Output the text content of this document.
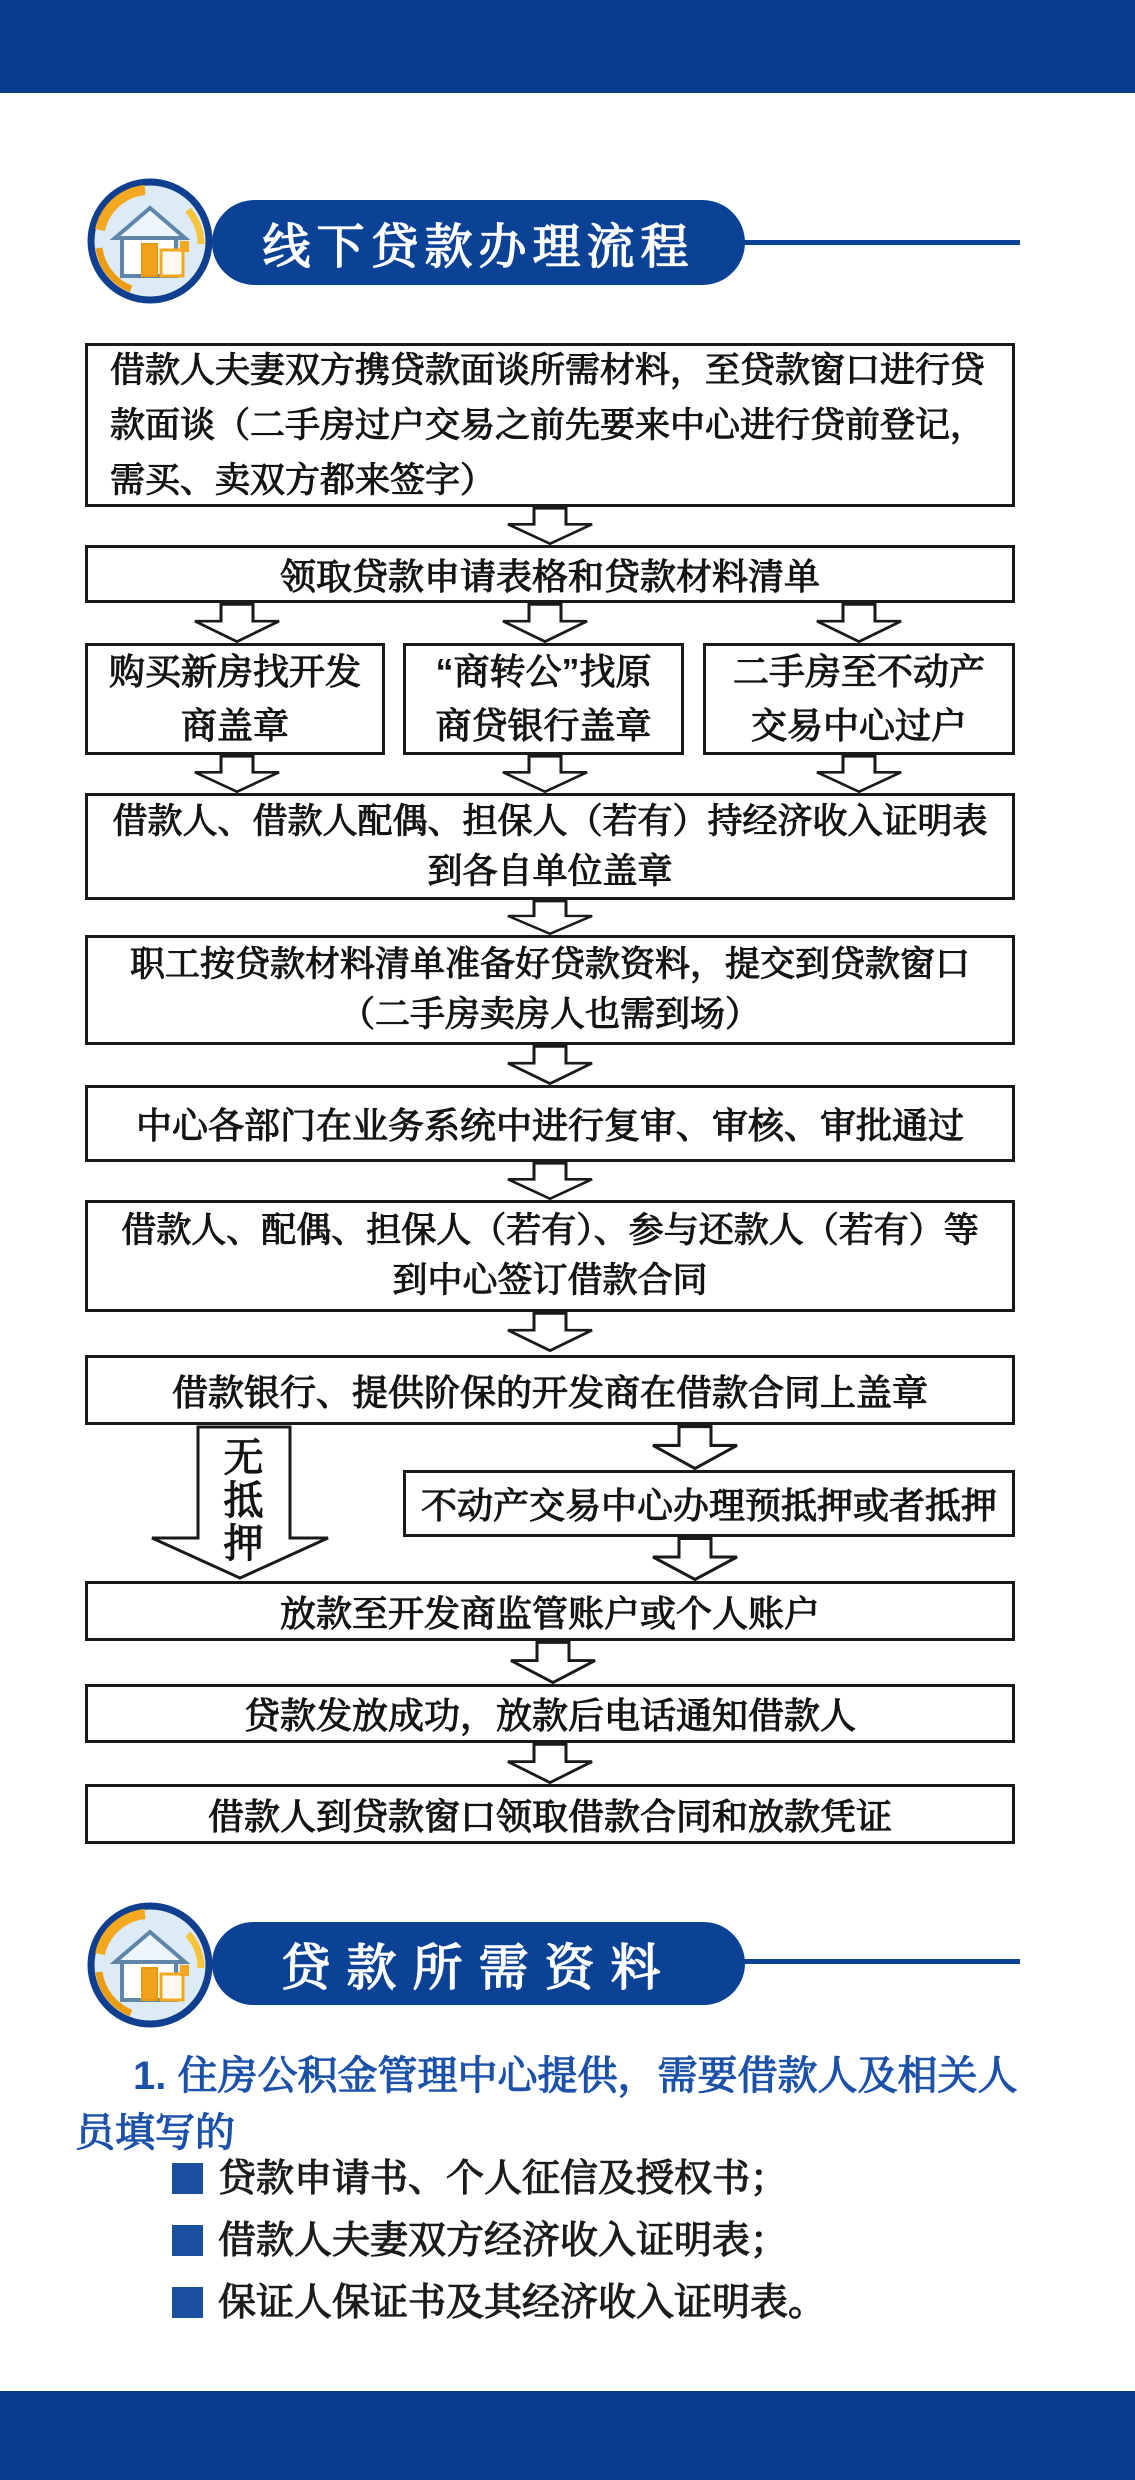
线下贷款办理流程
借款人夫妻双方携贷款面谈所需材料，至贷款窗口进行贷款面谈（二手房过户交易之前先要来中心进行贷前登记，需买、卖双方都来签字）
领取贷款申请表格和贷款材料清单
购买新房找开发
商盖章
“商转公”找原
商贷银行盖章
二手房至不动产
交易中心过户
借款人、借款人配偶、担保人（若有）持经济收入证明表
到各自单位盖章
职工按贷款材料清单准备好贷款资料，提交到贷款窗口
（二手房卖房人也需到场）
中心各部门在业务系统中进行复审、审核、审批通过
借款人、配偶、担保人（若有）、参与还款人（若有）等
到中心签订借款合同
借款银行、提供阶保的开发商在借款合同上盖章
无抵押	不动产交易中心办理预抵押或者抵押
放款至开发商监管账户或个人账户
贷款发放成功，放款后电话通知借款人
借款人到贷款窗口领取借款合同和放款凭证
贷款所需资料
1. 住房公积金管理中心提供，需要借款人及相关人员填写的
贷款申请书、个人征信及授权书；
借款人夫妻双方经济收入证明表；
保证人保证书及其经济收入证明表。
